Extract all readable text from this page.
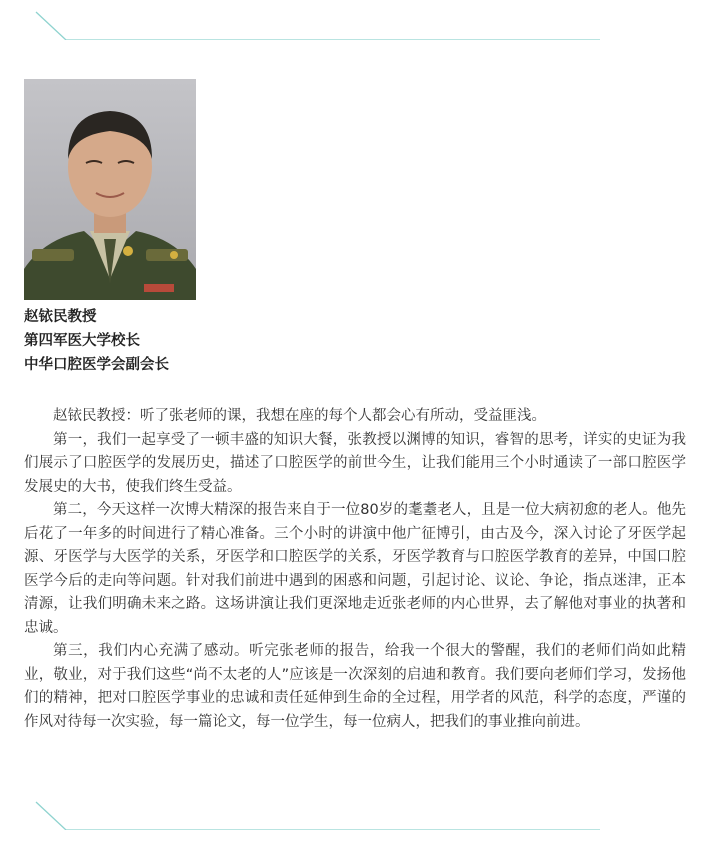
赵铱民教授
第四军医大学校长
中华口腔医学会副会长

赵铱民教授：听了张老师的课，我想在座的每个人都会心有所动，受益匪浅。

第一，我们一起享受了一顿丰盛的知识大餐，张教授以渊博的知识，睿智的思考，详实的史证为我们展示了口腔医学的发展历史，描述了口腔医学的前世今生，让我们能用三个小时通读了一部口腔医学发展史的大书，使我们终生受益。

第二，今天这样一次博大精深的报告来自于一位80岁的耄耋老人，且是一位大病初愈的老人。他先后花了一年多的时间进行了精心准备。三个小时的讲演中他广征博引，由古及今，深入讨论了牙医学起源、牙医学与大医学的关系，牙医学和口腔医学的关系，牙医学教育与口腔医学教育的差异，中国口腔医学今后的走向等问题。针对我们前进中遇到的困惑和问题，引起讨论、议论、争论，指点迷津，正本清源，让我们明确未来之路。这场讲演让我们更深地走近张老师的内心世界，去了解他对事业的执著和忠诚。

第三，我们内心充满了感动。听完张老师的报告，给我一个很大的警醒，我们的老师们尚如此精业，敬业，对于我们这些“尚不太老的人”应该是一次深刻的启迪和教育。我们要向老师们学习，发扬他们的精神，把对口腔医学事业的忠诚和责任延伸到生命的全过程，用学者的风范，科学的态度，严谨的作风对待每一次实验，每一篇论文，每一位学生，每一位病人，把我们的事业推向前进。
